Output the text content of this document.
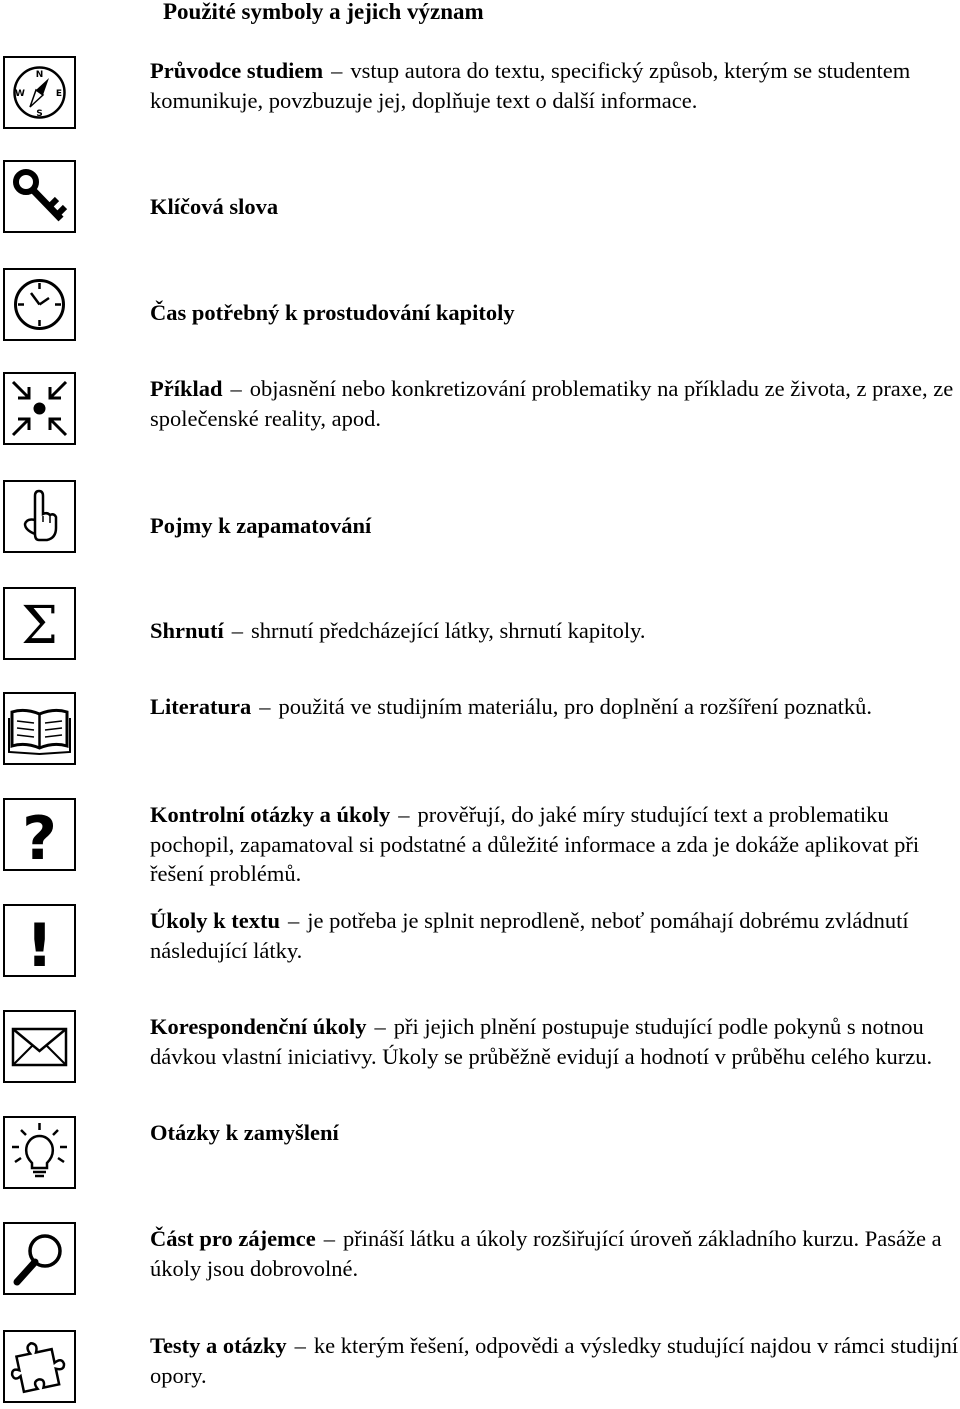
Použité symboly a jejich význam
N
S
W	E
Průvodce studiem – vstup autora do textu, specifický způsob, kterým se studentem komunikuje, povzbuzuje jej, doplňuje text o další informace.
Klíčová slova
Čas potřebný k prostudování kapitoly
Příklad – objasnění nebo konkretizování problematiky na příkladu ze života, z praxe, ze společenské reality, apod.
Pojmy k zapamatování
Σ	Shrnutí – shrnutí předcházející látky, shrnutí kapitoly.
Literatura – použitá ve studijním materiálu, pro doplnění a rozšíření poznatků.
?	Kontrolní otázky a úkoly – prověřují, do jaké míry studující text a problematiku pochopil, zapamatoval si podstatné a důležité informace a zda je dokáže aplikovat při řešení problémů.
!	Úkoly k textu – je potřeba je splnit neprodleně, neboť pomáhají dobrému zvládnutí následující látky.
Korespondenční úkoly – při jejich plnění postupuje studující podle pokynů s notnou dávkou vlastní iniciativy. Úkoly se průběžně evidují a hodnotí v průběhu celého kurzu.
Otázky k zamyšlení
Část pro zájemce – přináší látku a úkoly rozšiřující úroveň základního kurzu. Pasáže a úkoly jsou dobrovolné.
Testy a otázky – ke kterým řešení, odpovědi a výsledky studující najdou v rámci studijní opory.
